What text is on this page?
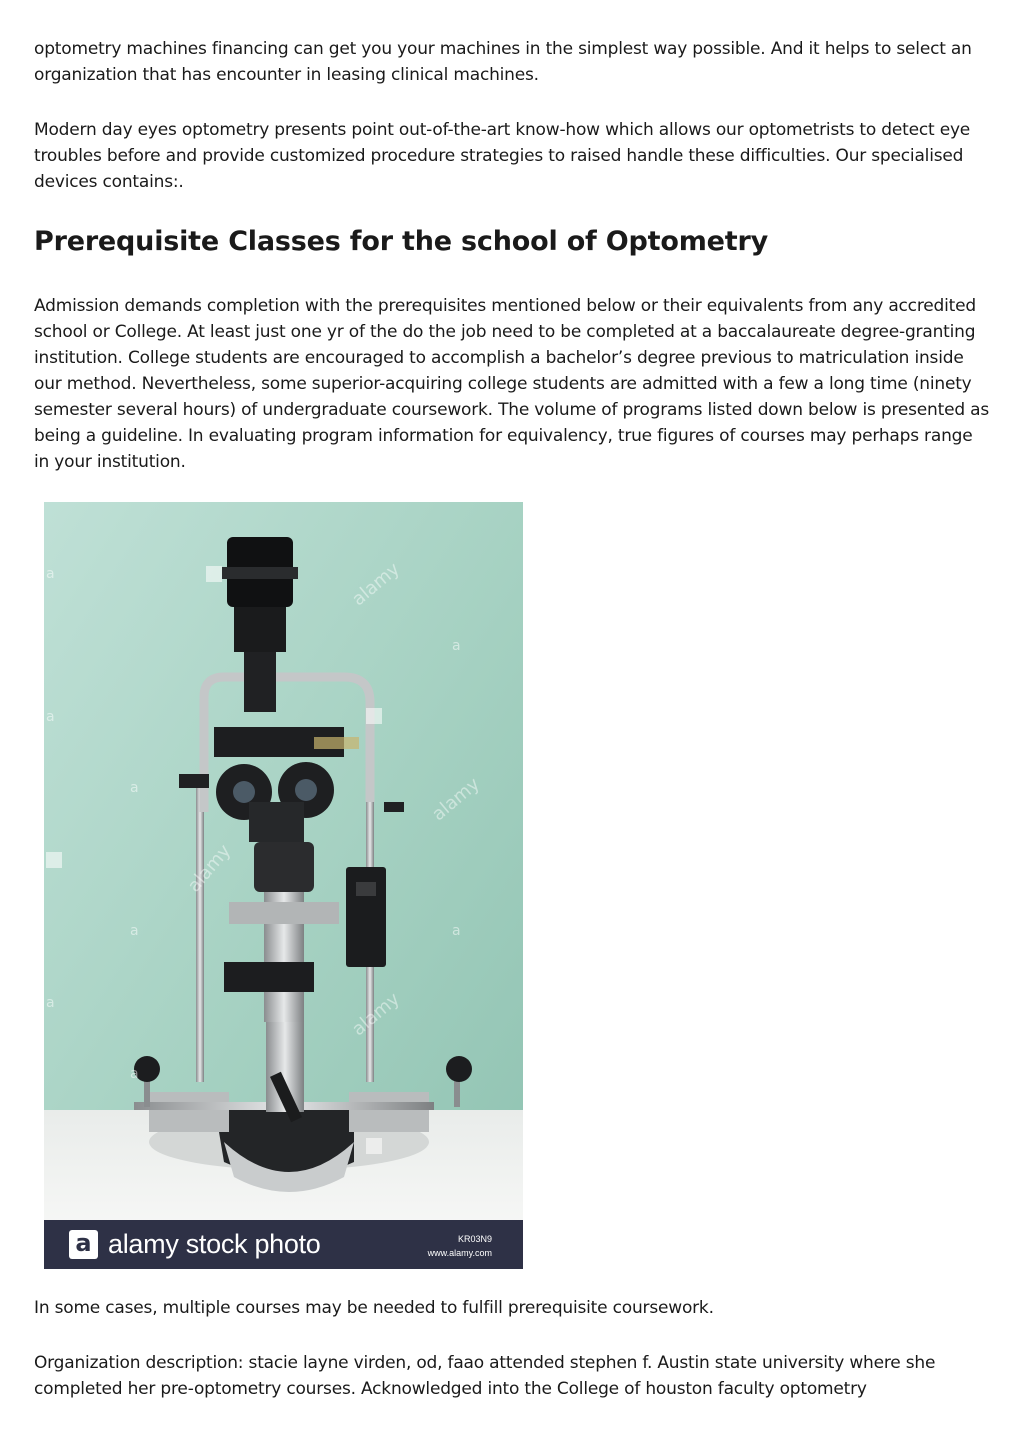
optometry machines financing can get you your machines in the simplest way possible. And it helps to select an organization that has encounter in leasing clinical machines.

Modern day eyes optometry presents point out-of-the-art know-how which allows our optometrists to detect eye troubles before and provide customized procedure strategies to raised handle these difficulties. Our specialised devices contains:.

Prerequisite Classes for the school of Optometry

Admission demands completion with the prerequisites mentioned below or their equivalents from any accredited school or College. At least just one yr of the do the job need to be completed at a baccalaureate degree-granting institution. College students are encouraged to accomplish a bachelor’s degree previous to matriculation inside our method. Nevertheless, some superior-acquiring college students are admitted with a few a long time (ninety semester several hours) of undergraduate coursework. The volume of programs listed down below is presented as being a guideline. In evaluating program information for equivalency, true figures of courses may perhaps range in your institution.

alamy
alamy
alamy
alamy
a
a
a
a
a	a
a
a
a alamy stock photo	KR03N9
www.alamy.com

In some cases, multiple courses may be needed to fulfill prerequisite coursework.

Organization description: stacie layne virden, od, faao attended stephen f. Austin state university where she completed her pre-optometry courses. Acknowledged into the College of houston faculty optometry
